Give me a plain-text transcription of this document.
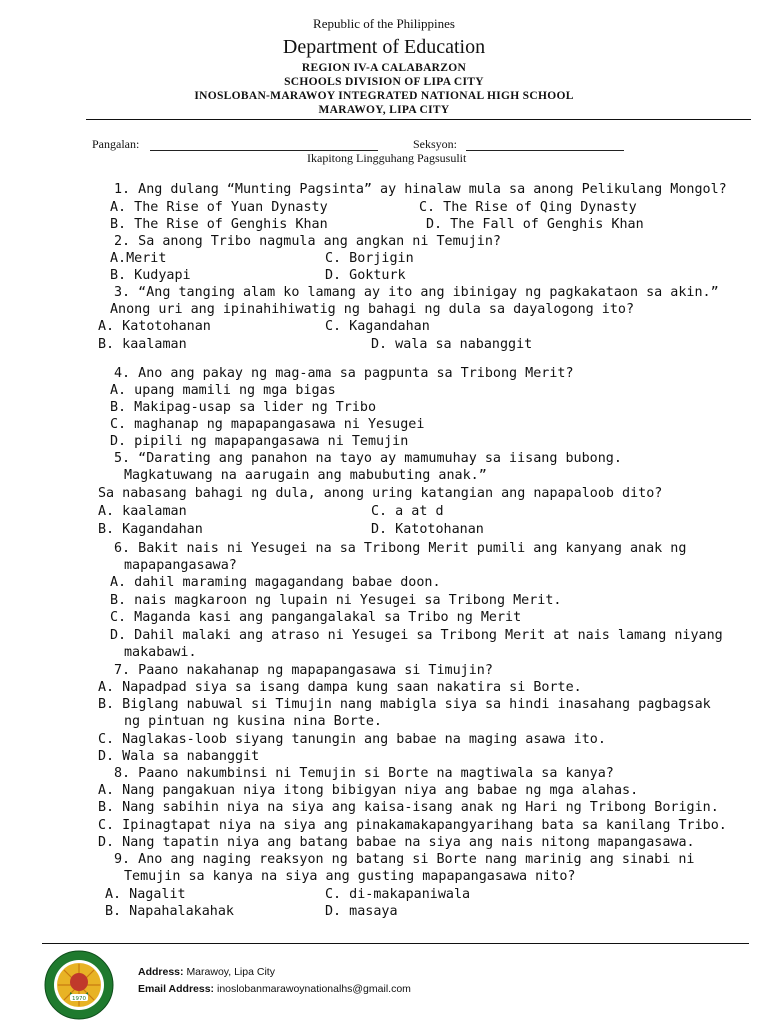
Republic of the Philippines
Department of Education
REGION IV-A CALABARZON
SCHOOLS DIVISION OF LIPA CITY
INOSLOBAN-MARAWOY INTEGRATED NATIONAL HIGH SCHOOL
MARAWOY, LIPA CITY
Pangalan:	Seksyon:
Ikapitong Lingguhang Pagsusulit
1. Ang dulang “Munting Pagsinta” ay hinalaw mula sa anong Pelikulang Mongol?
A. The Rise of Yuan Dynasty	C. The Rise of Qing Dynasty
B. The Rise of Genghis Khan	D. The Fall of Genghis Khan
2. Sa anong Tribo nagmula ang angkan ni Temujin?
A.Merit	C. Borjigin
B. Kudyapi	D. Gokturk
3. “Ang tanging alam ko lamang ay ito ang ibinigay ng pagkakataon sa akin.”
Anong uri ang ipinahihiwatig ng bahagi ng dula sa dayalogong ito?
A. Katotohanan	C. Kagandahan
B. kaalaman	D. wala sa nabanggit
4. Ano ang pakay ng mag-ama sa pagpunta sa Tribong Merit?
A. upang mamili ng mga bigas
B. Makipag-usap sa lider ng Tribo
C. maghanap ng mapapangasawa ni Yesugei
D. pipili ng mapapangasawa ni Temujin
5. “Darating ang panahon na tayo ay mamumuhay sa iisang bubong.
Magkatuwang na aarugain ang mabubuting anak.”
Sa nabasang bahagi ng dula, anong uring katangian ang napapaloob dito?
A. kaalaman	C. a at d
B. Kagandahan	D. Katotohanan
6. Bakit nais ni Yesugei na sa Tribong Merit pumili ang kanyang anak ng
mapapangasawa?
A. dahil maraming magagandang babae doon.
B. nais magkaroon ng lupain ni Yesugei sa Tribong Merit.
C. Maganda kasi ang pangangalakal sa Tribo ng Merit
D. Dahil malaki ang atraso ni Yesugei sa Tribong Merit at nais lamang niyang
makabawi.
7. Paano nakahanap ng mapapangasawa si Timujin?
A. Napadpad siya sa isang dampa kung saan nakatira si Borte.
B. Biglang nabuwal si Timujin nang mabigla siya sa hindi inasahang pagbagsak
ng pintuan ng kusina nina Borte.
C. Naglakas-loob siyang tanungin ang babae na maging asawa ito.
D. Wala sa nabanggit
8. Paano nakumbinsi ni Temujin si Borte na magtiwala sa kanya?
A. Nang pangakuan niya itong bibigyan niya ang babae ng mga alahas.
B. Nang sabihin niya na siya ang kaisa-isang anak ng Hari ng Tribong Borigin.
C. Ipinagtapat niya na siya ang pinakamakapangyarihang bata sa kanilang Tribo.
D. Nang tapatin niya ang batang babae na siya ang nais nitong mapangasawa.
9. Ano ang naging reaksyon ng batang si Borte nang marinig ang sinabi ni
Temujin sa kanya na siya ang gusting mapapangasawa nito?
A. Nagalit	C. di-makapaniwala
B. Napahalakahak	D. masaya
1970
Address: Marawoy, Lipa City
Email Address: inoslobanmarawoynationalhs@gmail.com
